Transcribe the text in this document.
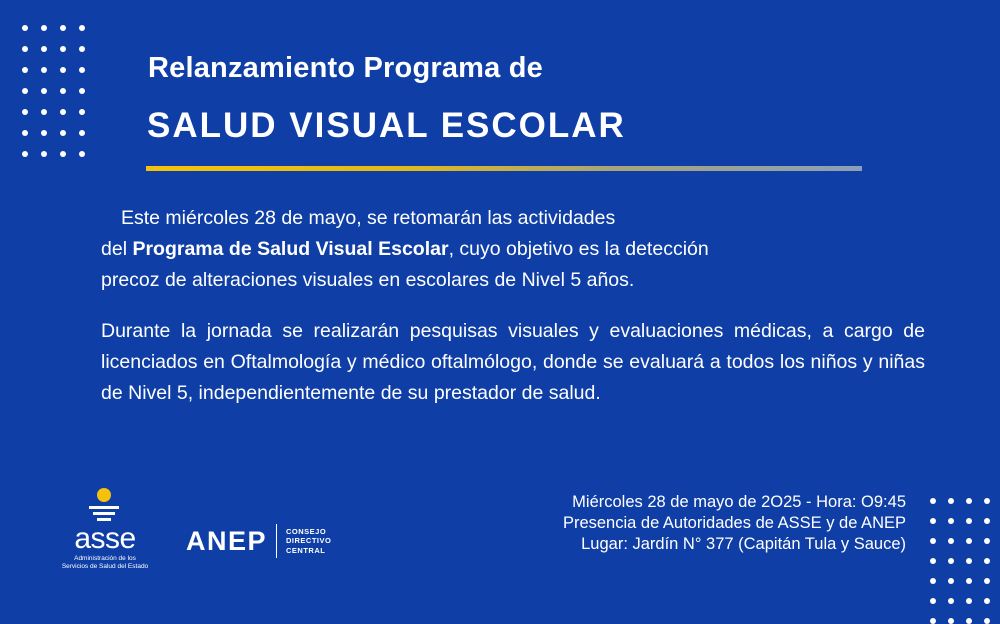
Relanzamiento Programa de
SALUD VISUAL ESCOLAR
Este miércoles 28 de mayo, se retomarán las actividades
del Programa de Salud Visual Escolar, cuyo objetivo es la detección
precoz de alteraciones visuales en escolares de Nivel 5 años.
Durante la jornada se realizarán pesquisas visuales y evaluaciones médicas, a cargo de licenciados en Oftalmología y médico oftalmólogo, donde se evaluará a todos los niños y niñas de Nivel 5, independientemente de su prestador de salud.
Miércoles 28 de mayo de 2O25 - Hora: O9:45
Presencia de Autoridades de ASSE y de ANEP
Lugar: Jardín N° 377 (Capitán Tula y Sauce)
asse
Administración de los
Servicios de Salud del Estado
ANEP	CONSEJO
DIRECTIVO
CENTRAL
